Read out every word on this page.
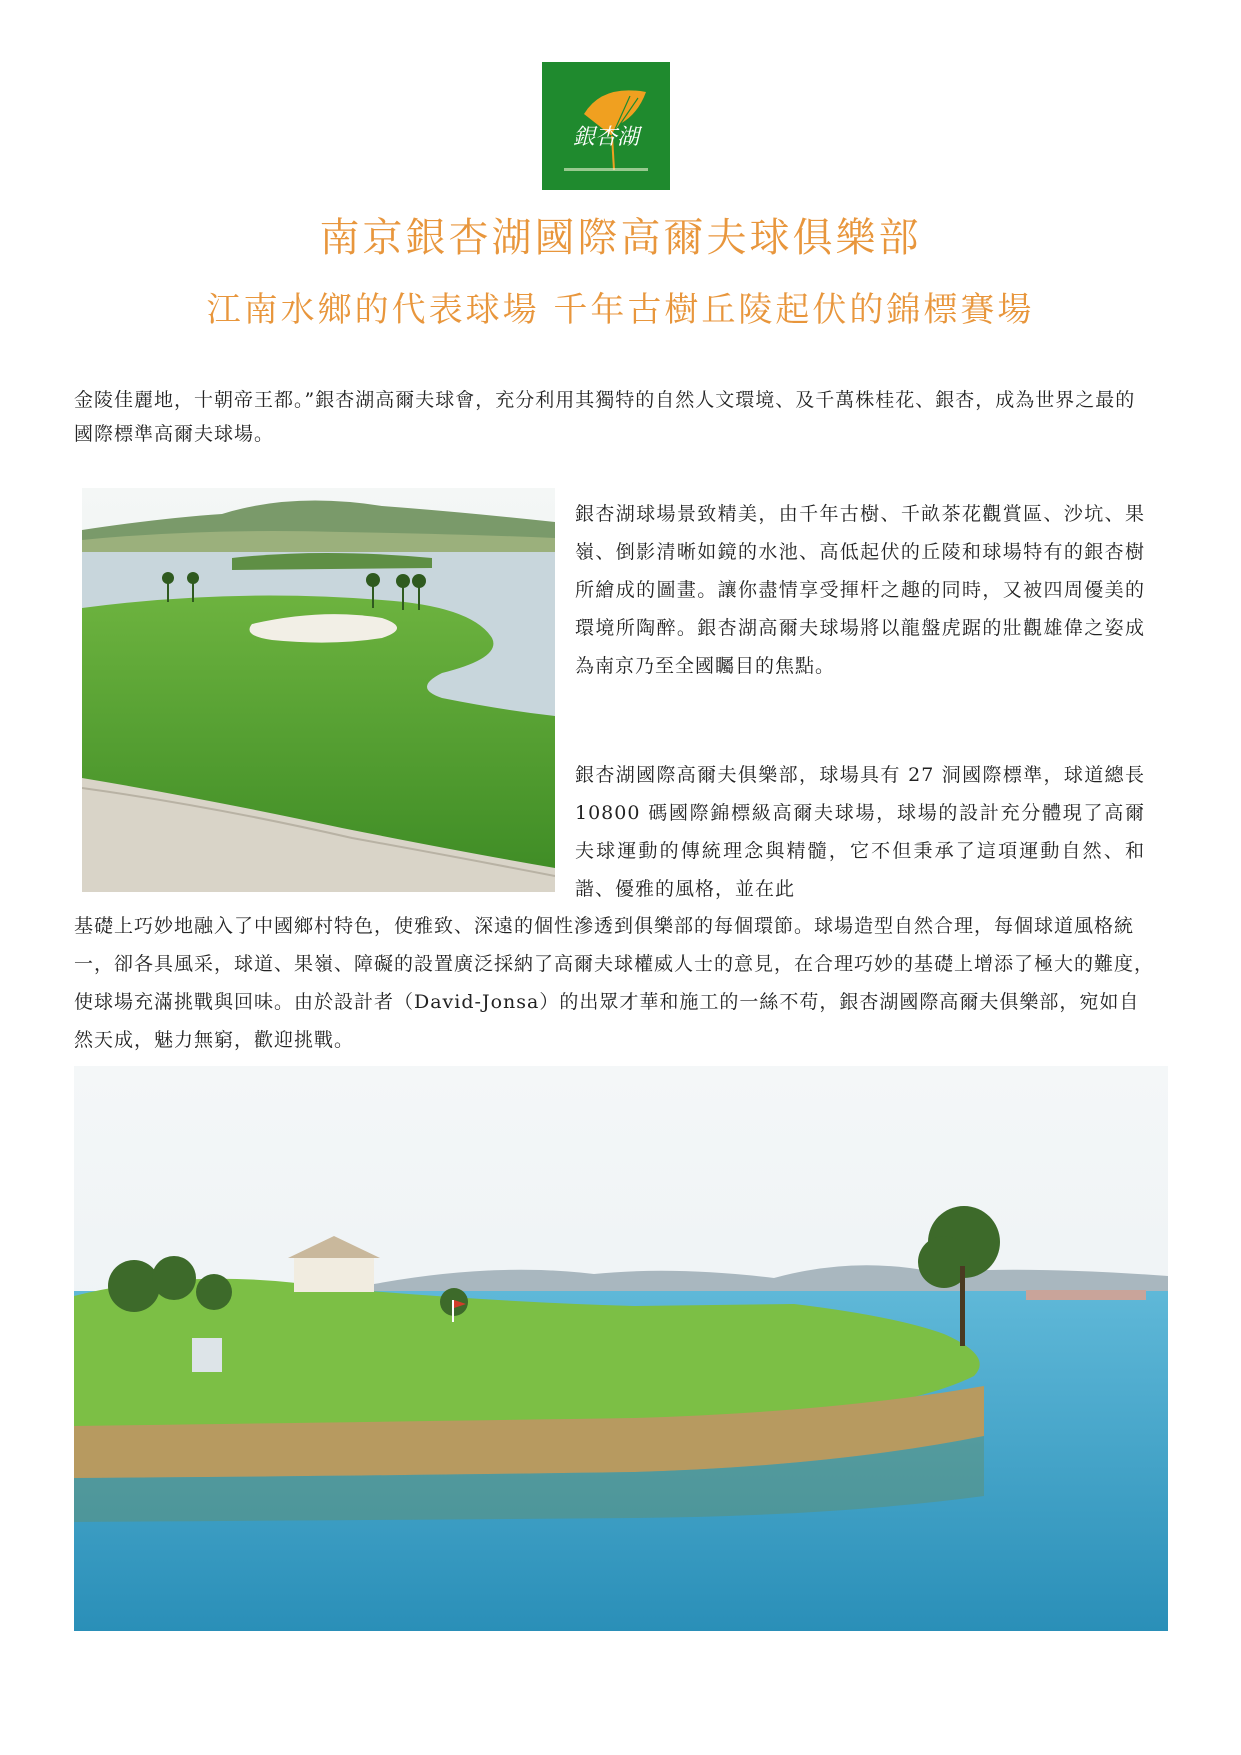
銀杏湖
南京銀杏湖國際高爾夫球俱樂部
江南水鄉的代表球場 千年古樹丘陵起伏的錦標賽場

金陵佳麗地，十朝帝王都。”銀杏湖高爾夫球會，充分利用其獨特的自然人文環境、及千萬株桂花、銀杏，成為世界之最的國際標準高爾夫球場。

銀杏湖球場景致精美，由千年古樹、千畝茶花觀賞區、沙坑、果嶺、倒影清晰如鏡的水池、高低起伏的丘陵和球場特有的銀杏樹所繪成的圖畫。讓你盡情享受揮杆之趣的同時，又被四周優美的環境所陶醉。銀杏湖高爾夫球場將以龍盤虎踞的壯觀雄偉之姿成為南京乃至全國矚目的焦點。

銀杏湖國際高爾夫俱樂部，球場具有 27 洞國際標準，球道總長 10800 碼國際錦標級高爾夫球場，球場的設計充分體現了高爾夫球運動的傳統理念與精髓，它不但秉承了這項運動自然、和諧、優雅的風格，並在此

基礎上巧妙地融入了中國鄉村特色，使雅致、深遠的個性滲透到俱樂部的每個環節。球場造型自然合理，每個球道風格統一，卻各具風采，球道、果嶺、障礙的設置廣泛採納了高爾夫球權威人士的意見，在合理巧妙的基礎上增添了極大的難度，使球場充滿挑戰與回味。由於設計者（David-Jonsa）的出眾才華和施工的一絲不苟，銀杏湖國際高爾夫俱樂部，宛如自然天成，魅力無窮，歡迎挑戰。
